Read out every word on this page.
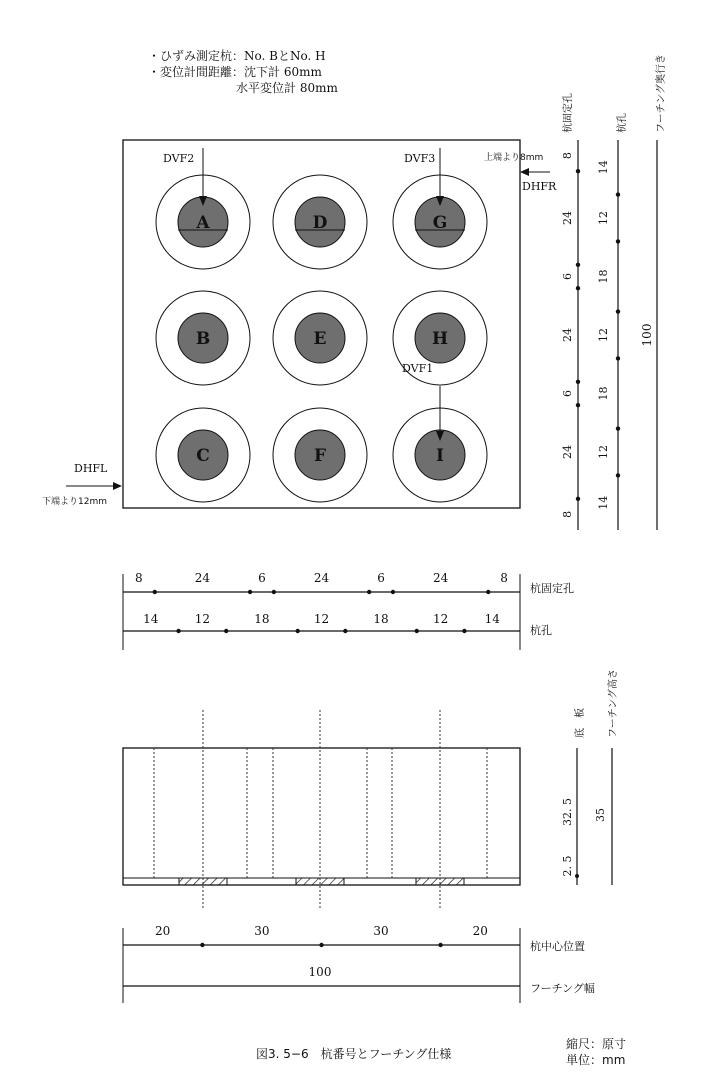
・ひずみ測定杭：No. BとNo. H
・変位計間距離：沈下計 60mm
水平変位計 80mm
A
B
C
D
E
F
G
H
I
DVF2	DVF3
DVF1
上端より8mm
DHFR
DHFL
下端より12mm
杭固定孔	杭孔	フーチング奥行き
8
24
6
24
6
24
8
14
12
18
12
18
12
14
100
8	24	6	24	6	24	8
14	12	18	12	18	12	14
杭固定孔
杭孔
底　板 フーチング高さ
32. 5
2. 5
35
20	30	30	20
100
杭中心位置
フーチング幅
図3. 5−6　杭番号とフーチング仕様
縮尺：原寸
単位：mm
